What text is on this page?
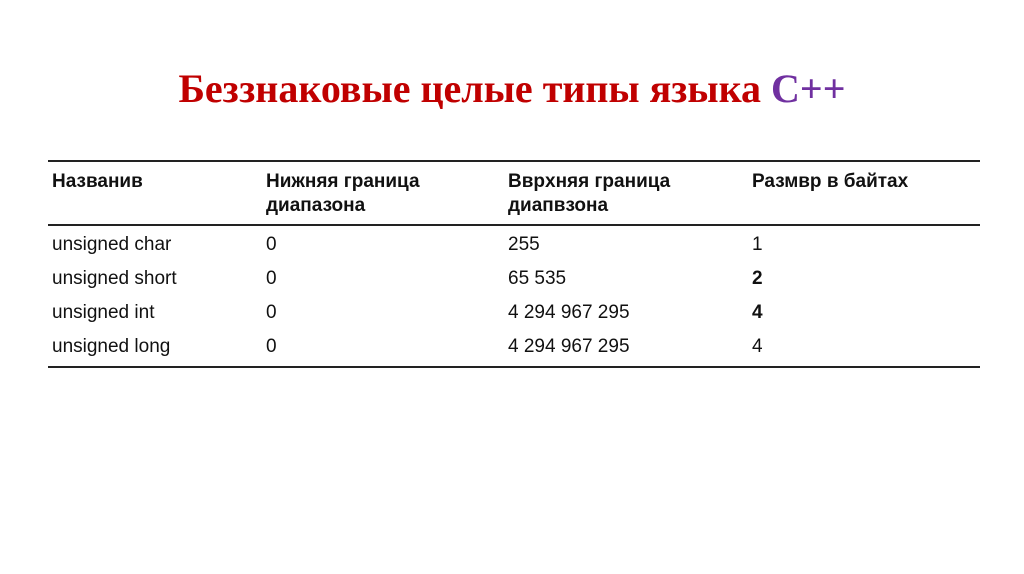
Беззнаковые целые типы языка С++
Названив	Нижняя граница диапазона	Ввpxняя граница диапвзона	Размвр в байтах
unsigned char	0	255	1
unsigned short	0	65 535	2
unsigned int	0	4 294 967 295	4
unsigned long	0	4 294 967 295	4
